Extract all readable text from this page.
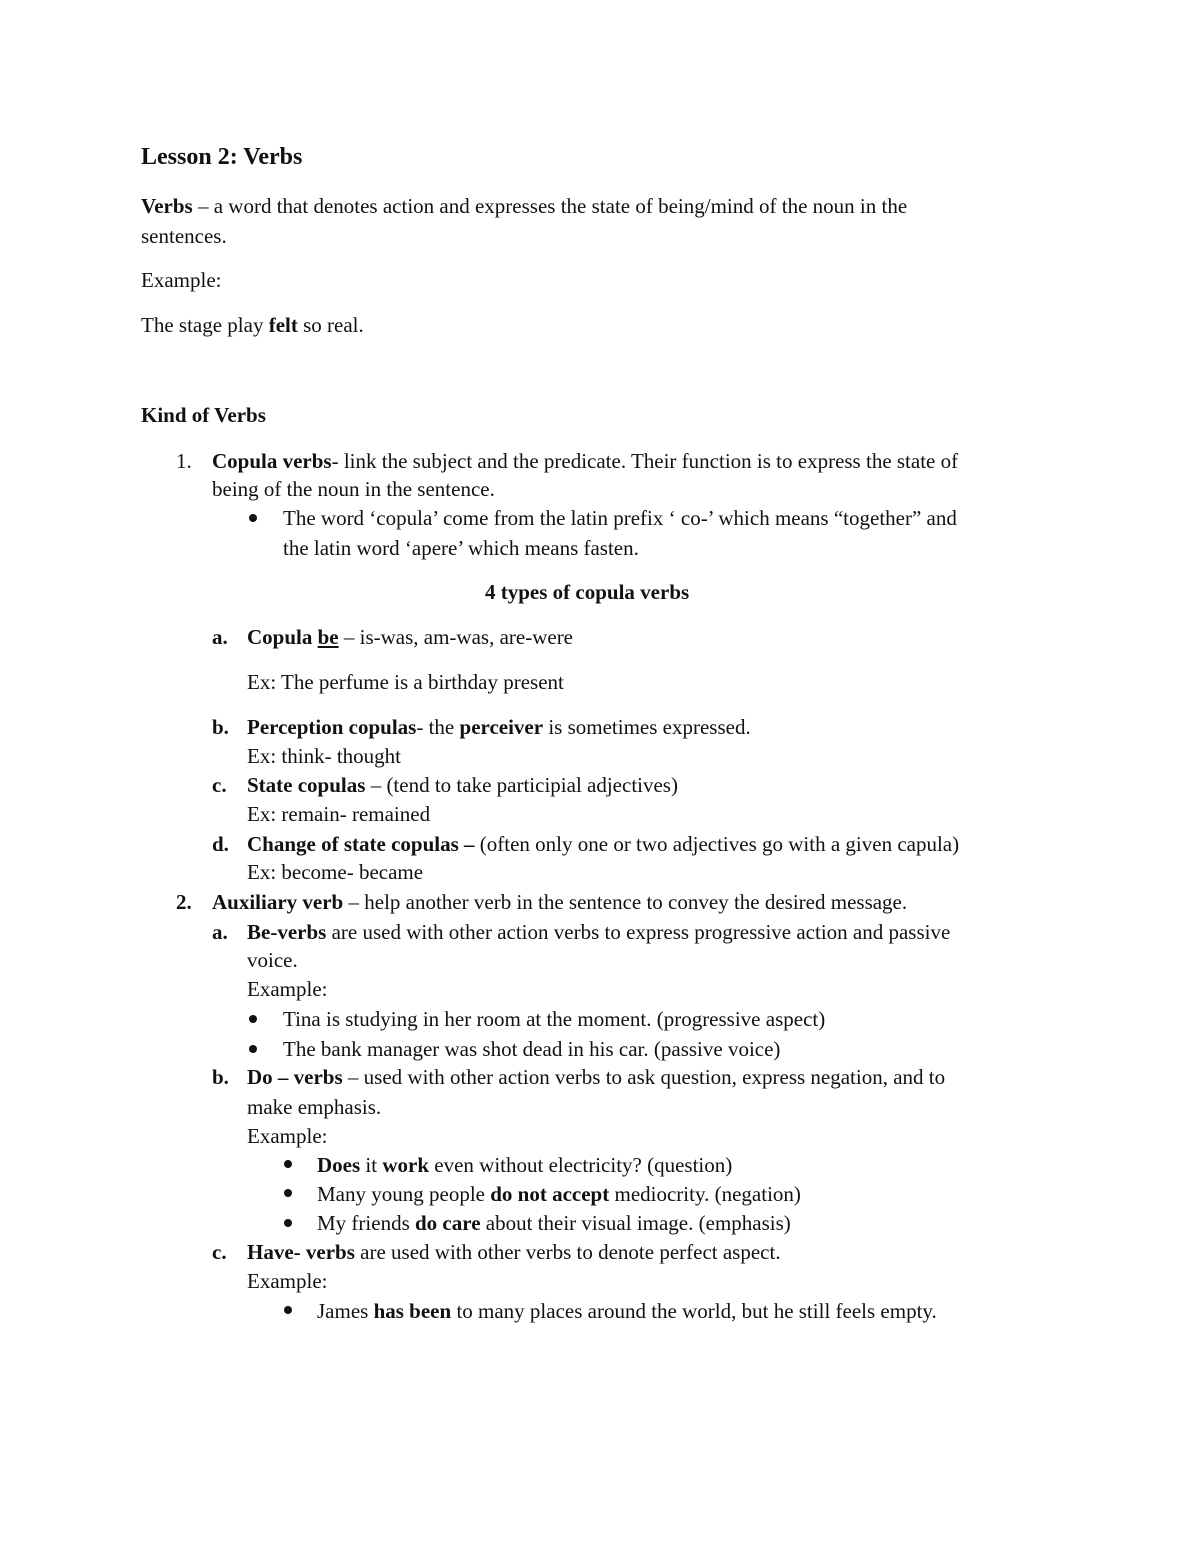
Lesson 2: Verbs
Verbs – a word that denotes action and expresses the state of being/mind of the noun in the
sentences.
Example:
The stage play felt so real.
Kind of Verbs
1. Copula verbs- link the subject and the predicate. Their function is to express the state of
being of the noun in the sentence.
The word ‘copula’ come from the latin prefix ‘ co-’ which means “together” and
the latin word ‘apere’ which means fasten.
4 types of copula verbs
a. Copula be – is-was, am-was, are-were
Ex: The perfume is a birthday present
b. Perception copulas- the perceiver is sometimes expressed.
Ex: think- thought
c. State copulas – (tend to take participial adjectives)
Ex: remain- remained
d. Change of state copulas – (often only one or two adjectives go with a given capula)
Ex: become- became
2. Auxiliary verb – help another verb in the sentence to convey the desired message.
a. Be-verbs are used with other action verbs to express progressive action and passive
voice.
Example:
Tina is studying in her room at the moment. (progressive aspect)
The bank manager was shot dead in his car. (passive voice)
b. Do – verbs – used with other action verbs to ask question, express negation, and to
make emphasis.
Example:
Does it work even without electricity? (question)
Many young people do not accept mediocrity. (negation)
My friends do care about their visual image. (emphasis)
c. Have- verbs are used with other verbs to denote perfect aspect.
Example:
James has been to many places around the world, but he still feels empty.
